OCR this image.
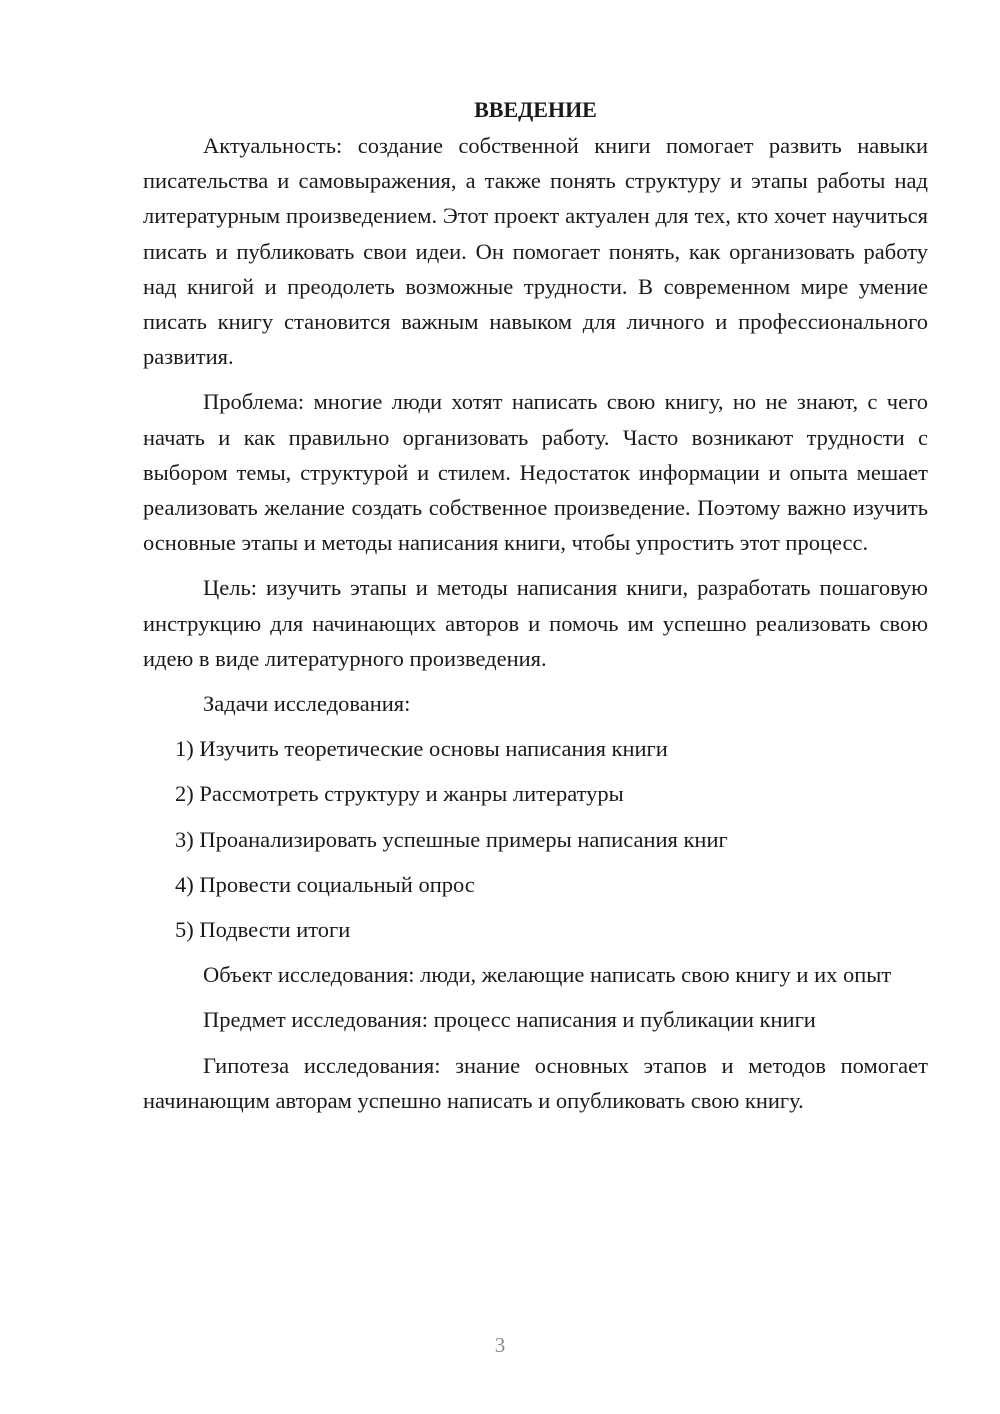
ВВЕДЕНИЕ

Актуальность: создание собственной книги помогает развить навыки писательства и самовыражения, а также понять структуру и этапы работы над литературным произведением. Этот проект актуален для тех, кто хочет научиться писать и публиковать свои идеи. Он помогает понять, как организовать работу над книгой и преодолеть возможные трудности. В современном мире умение писать книгу становится важным навыком для личного и профессионального развития.

Проблема: многие люди хотят написать свою книгу, но не знают, с чего начать и как правильно организовать работу. Часто возникают трудности с выбором темы, структурой и стилем. Недостаток информации и опыта мешает реализовать желание создать собственное произведение. Поэтому важно изучить основные этапы и методы написания книги, чтобы упростить этот процесс.

Цель: изучить этапы и методы написания книги, разработать пошаговую инструкцию для начинающих авторов и помочь им успешно реализовать свою идею в виде литературного произведения.

Задачи исследования:

1) Изучить теоретические основы написания книги
2) Рассмотреть структуру и жанры литературы
3) Проанализировать успешные примеры написания книг
4) Провести социальный опрос
5) Подвести итоги

Объект исследования: люди, желающие написать свою книгу и их опыт

Предмет исследования: процесс написания и публикации книги

Гипотеза исследования: знание основных этапов и методов помогает начинающим авторам успешно написать и опубликовать свою книгу.

3
